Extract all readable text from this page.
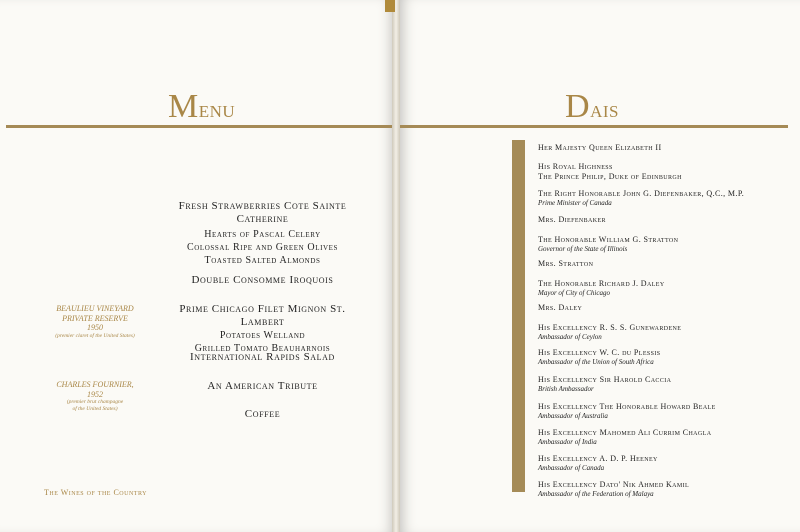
Menu
Fresh Strawberries Cote Sainte Catherine
Hearts of Pascal Celery
Colossal Ripe and Green Olives
Toasted Salted Almonds
Double Consomme Iroquois
Prime Chicago Filet Mignon St. Lambert
Potatoes Welland
Grilled Tomato Beauharnois
International Rapids Salad
An American Tribute
Coffee
BEAULIEU VINEYARD
PRIVATE RESERVE
1950
(premier claret of the United States)
CHARLES FOURNIER,
1952
(premier brut champagne
of the United States)
The Wines of the Country
Dais
Her Majesty Queen Elizabeth II
His Royal Highness
The Prince Philip, Duke of Edinburgh
The Right Honorable John G. Diefenbaker, Q.C., M.P.
Prime Minister of Canada
Mrs. Diefenbaker
The Honorable William G. Stratton
Governor of the State of Illinois
Mrs. Stratton
The Honorable Richard J. Daley
Mayor of City of Chicago
Mrs. Daley
His Excellency R. S. S. Gunewardene
Ambassador of Ceylon
His Excellency W. C. du Plessis
Ambassador of the Union of South Africa
His Excellency Sir Harold Caccia
British Ambassador
His Excellency The Honorable Howard Beale
Ambassador of Australia
His Excellency Mahomed Ali Currim Chagla
Ambassador of India
His Excellency A. D. P. Heeney
Ambassador of Canada
His Excellency Dato' Nik Ahmed Kamil
Ambassador of the Federation of Malaya
